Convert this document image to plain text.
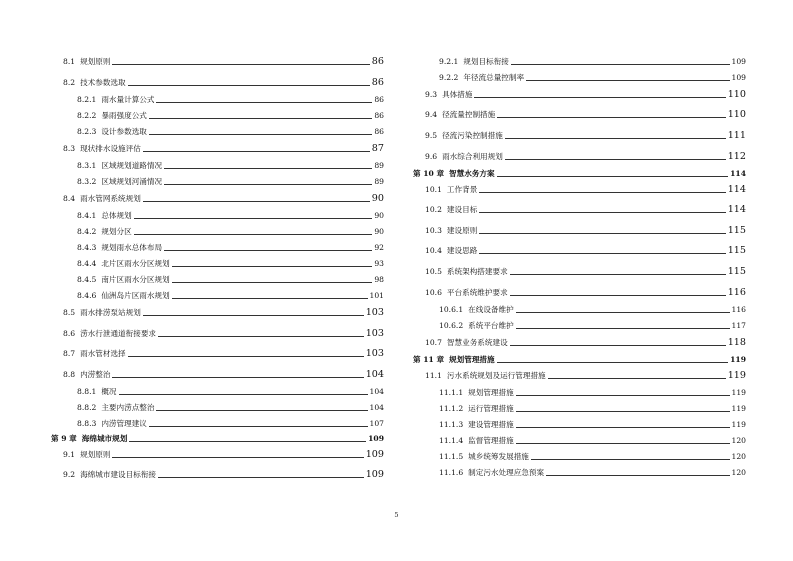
8.1 规划原则	86
8.2 技术参数选取	86
8.2.1 雨水量计算公式	86
8.2.2 暴雨强度公式	86
8.2.3 设计参数选取	86
8.3 现状排水设施评估	87
8.3.1 区域规划道路情况	89
8.3.2 区域规划河涌情况	89
8.4 雨水管网系统规划	90
8.4.1 总体规划	90
8.4.2 规划分区	90
8.4.3 规划雨水总体布局	92
8.4.4 北片区雨水分区规划	93
8.4.5 南片区雨水分区规划	98
8.4.6 仙洲岛片区雨水规划	101
8.5 雨水排涝泵站规划	103
8.6 涝水行泄通道衔接要求	103
8.7 雨水管材选择	103
8.8 内涝整治	104
8.8.1 概况	104
8.8.2 主要内涝点整治	104
8.8.3 内涝管理建议	107
第 9 章 海绵城市规划	109
9.1 规划原则	109
9.2 海绵城市建设目标衔接	109
9.2.1 规划目标衔接	109
9.2.2 年径流总量控制率	109
9.3 具体措施	110
9.4 径流量控制措施	110
9.5 径流污染控制措施	111
9.6 雨水综合利用规划	112
第 10 章 智慧水务方案	114
10.1 工作背景	114
10.2 建设目标	114
10.3 建设原则	115
10.4 建设思路	115
10.5 系统架构搭建要求	115
10.6 平台系统维护要求	116
10.6.1 在线设备维护	116
10.6.2 系统平台维护	117
10.7 智慧业务系统建设	118
第 11 章 规划管理措施	119
11.1 污水系统规划及运行管理措施	119
11.1.1 规划管理措施	119
11.1.2 运行管理措施	119
11.1.3 建设管理措施	119
11.1.4 监督管理措施	120
11.1.5 城乡统筹发展措施	120
11.1.6 制定污水处理应急预案	120
5
